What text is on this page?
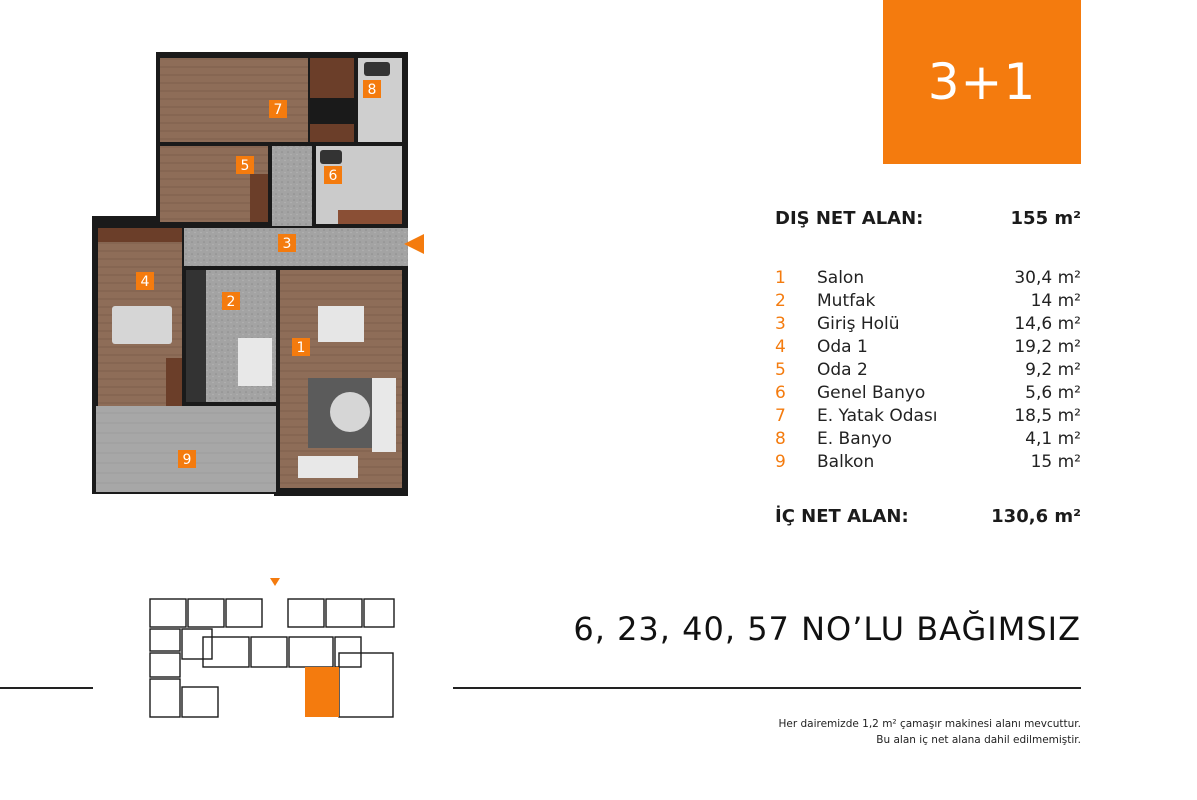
7
8
5
6
3
4
2
1
9
3+1
DIŞ NET ALAN:	155 m²
1	Salon	30,4 m²
2	Mutfak	14 m²
3	Giriş Holü	14,6 m²
4	Oda 1	19,2 m²
5	Oda 2	9,2 m²
6	Genel Banyo	5,6 m²
7	E. Yatak Odası	18,5 m²
8	E. Banyo	4,1 m²
9	Balkon	15 m²
İÇ NET ALAN:	130,6 m²
6, 23, 40, 57 NO’LU BAĞIMSIZ
Her dairemizde 1,2 m² çamaşır makinesi alanı mevcuttur.
Bu alan iç net alana dahil edilmemiştir.
